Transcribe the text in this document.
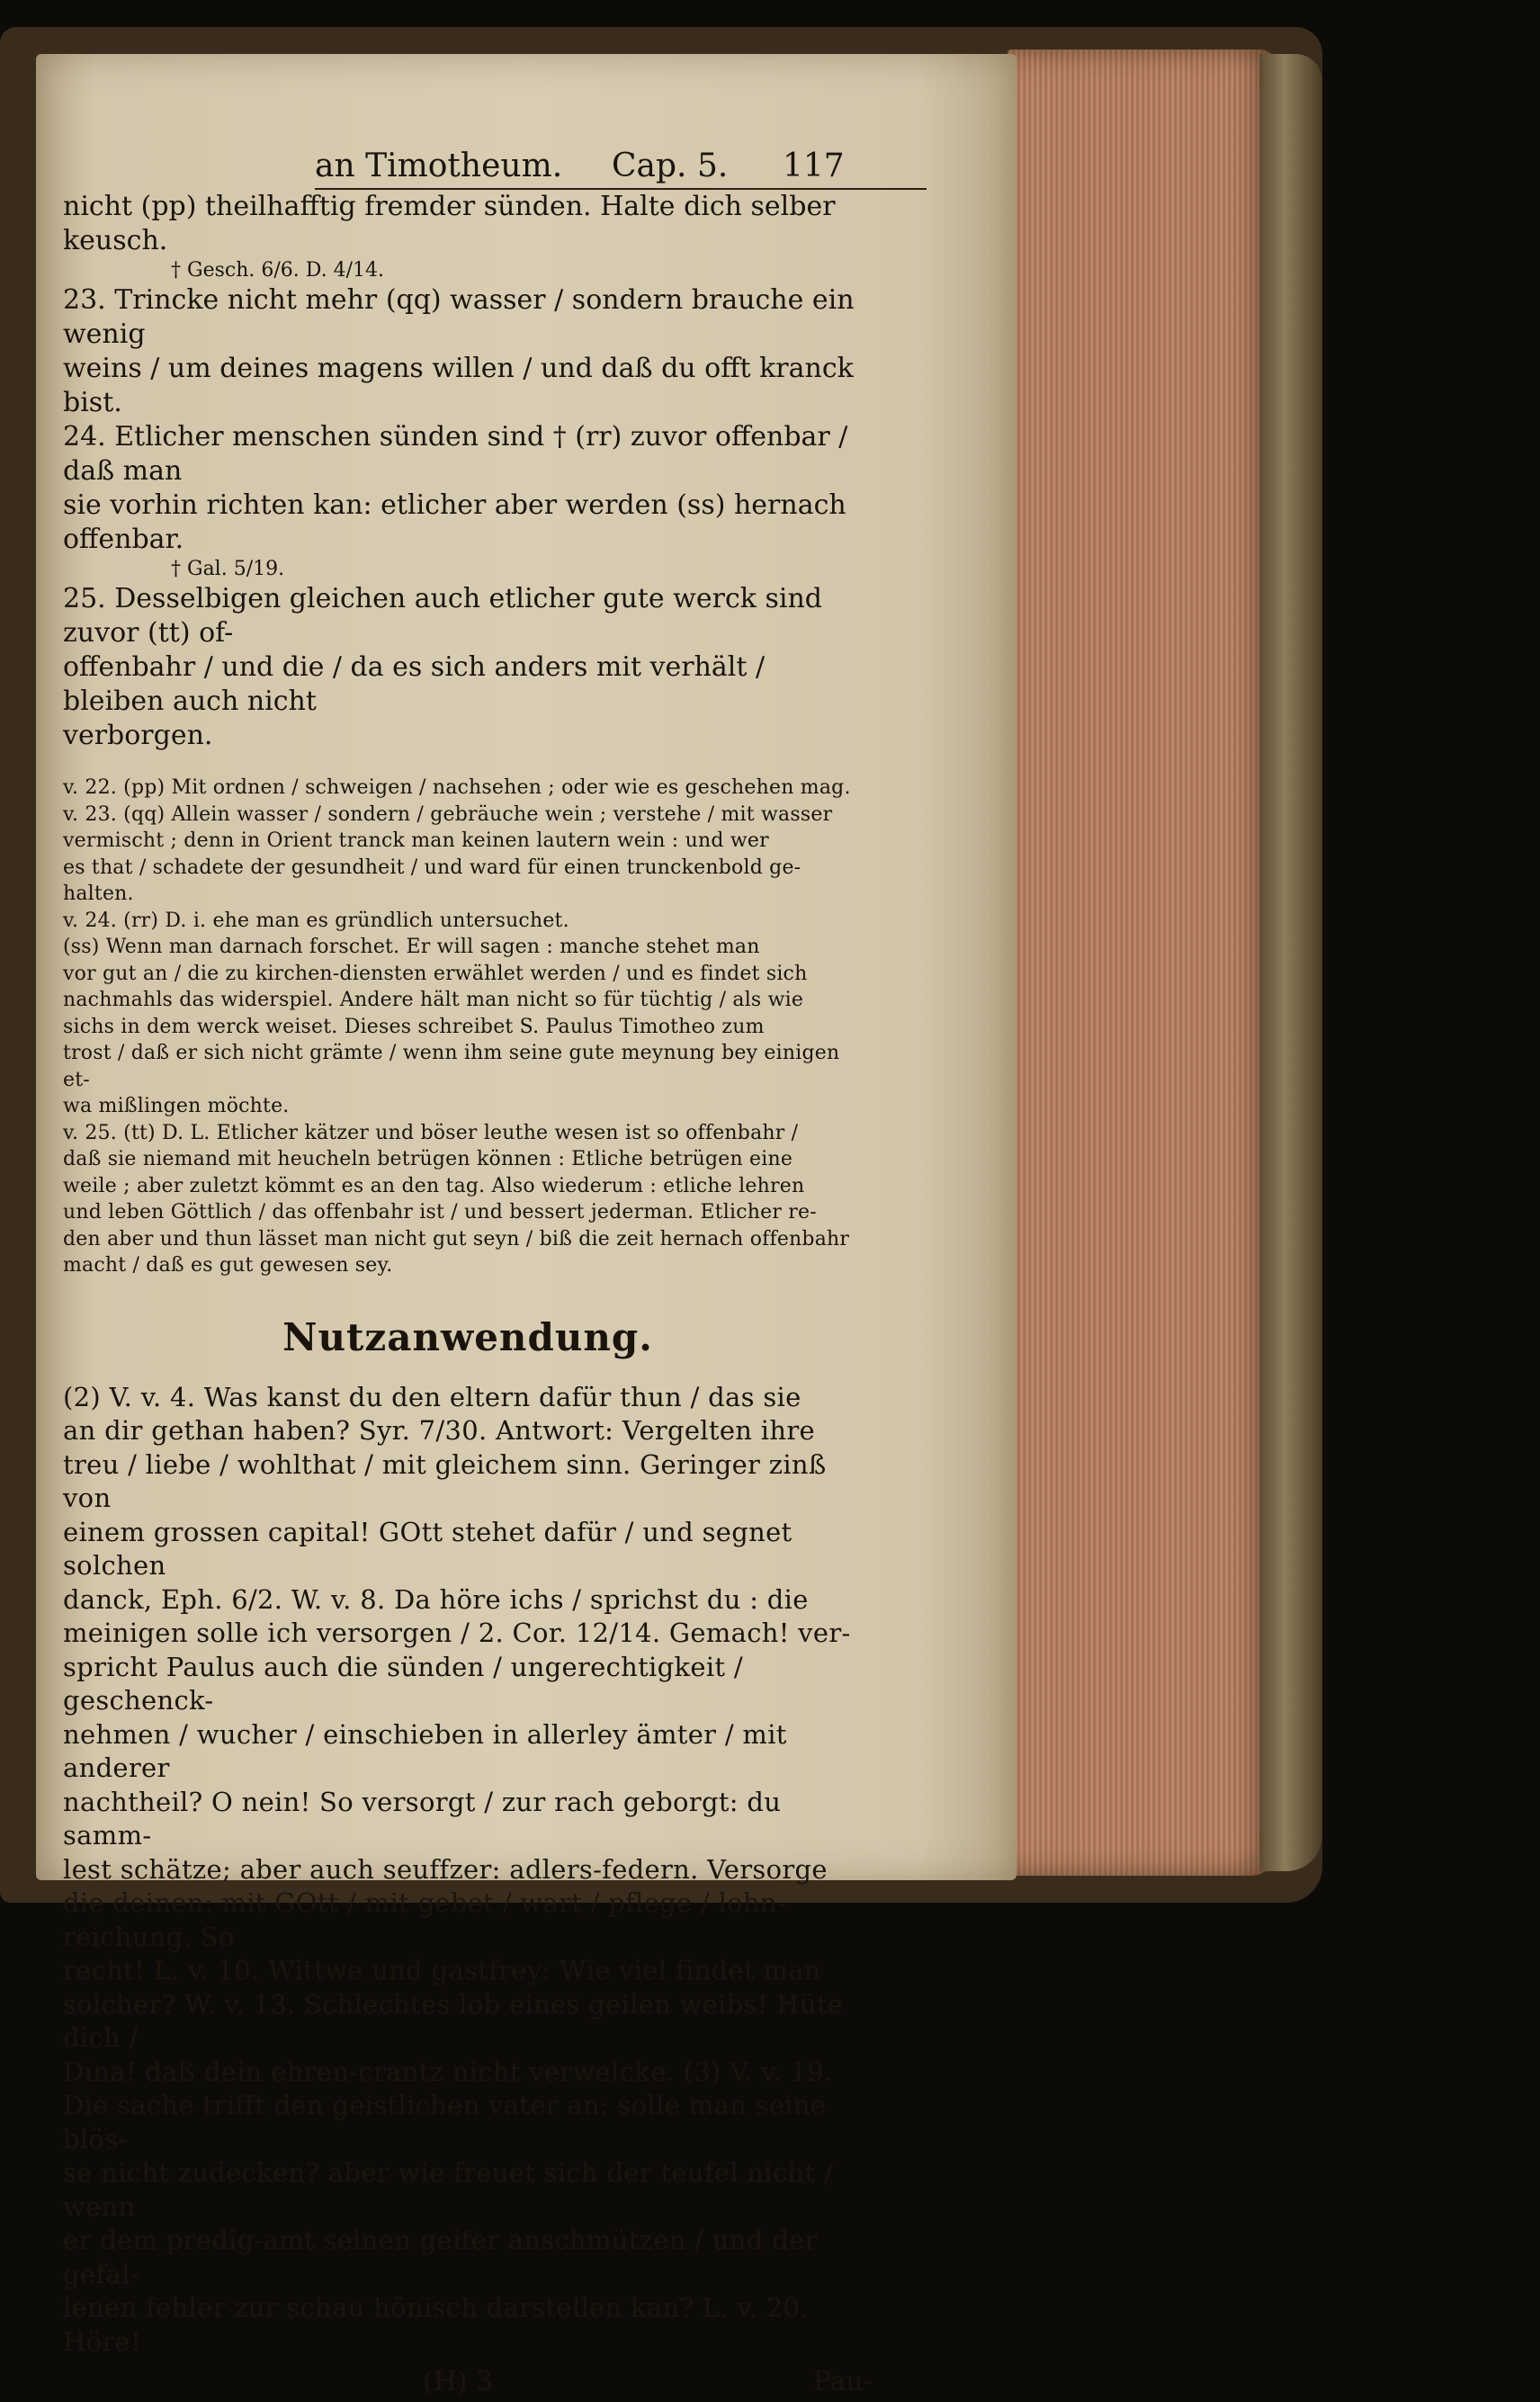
an Timotheum. Cap. 5. 117

nicht (pp) theilhafftig fremder sünden. Halte dich selber keusch.

† Gesch. 6/6. D. 4/14.

23. Trincke nicht mehr (qq) wasser / sondern brauche ein wenig

weins / um deines magens willen / und daß du offt kranck bist.

24. Etlicher menschen sünden sind † (rr) zuvor offenbar / daß man

sie vorhin richten kan: etlicher aber werden (ss) hernach offenbar.

† Gal. 5/19.

25. Desselbigen gleichen auch etlicher gute werck sind zuvor (tt) of-

offenbahr / und die / da es sich anders mit verhält / bleiben auch nicht

verborgen.

v. 22. (pp) Mit ordnen / schweigen / nachsehen ; oder wie es geschehen mag.

v. 23. (qq) Allein wasser / sondern / gebräuche wein ; verstehe / mit wasser

vermischt ; denn in Orient tranck man keinen lautern wein : und wer

es that / schadete der gesundheit / und ward für einen trunckenbold ge-

halten.

v. 24. (rr) D. i. ehe man es gründlich untersuchet.

(ss) Wenn man darnach forschet. Er will sagen : manche stehet man

vor gut an / die zu kirchen-diensten erwählet werden / und es findet sich

nachmahls das widerspiel. Andere hält man nicht so für tüchtig / als wie

sichs in dem werck weiset. Dieses schreibet S. Paulus Timotheo zum

trost / daß er sich nicht grämte / wenn ihm seine gute meynung bey einigen et-

wa mißlingen möchte.

v. 25. (tt) D. L. Etlicher kätzer und böser leuthe wesen ist so offenbahr /

daß sie niemand mit heucheln betrügen können : Etliche betrügen eine

weile ; aber zuletzt kömmt es an den tag. Also wiederum : etliche lehren

und leben Göttlich / das offenbahr ist / und bessert jederman. Etlicher re-

den aber und thun lässet man nicht gut seyn / biß die zeit hernach offenbahr

macht / daß es gut gewesen sey.

Nutzanwendung.

(2) V. v. 4. Was kanst du den eltern dafür thun / das sie

an dir gethan haben? Syr. 7/30. Antwort: Vergelten ihre

treu / liebe / wohlthat / mit gleichem sinn. Geringer zinß von

einem grossen capital! GOtt stehet dafür / und segnet solchen

danck, Eph. 6/2. W. v. 8. Da höre ichs / sprichst du : die

meinigen solle ich versorgen / 2. Cor. 12/14. Gemach! ver-

spricht Paulus auch die sünden / ungerechtigkeit / geschenck-

nehmen / wucher / einschieben in allerley ämter / mit anderer

nachtheil? O nein! So versorgt / zur rach geborgt: du samm-

lest schätze; aber auch seuffzer: adlers-federn. Versorge

die deinen: mit GOtt / mit gebet / wart / pflege / lohn-reichung. So

recht! L. v. 10. Wittwe und gastfrey: Wie viel findet man

solcher? W. v. 13. Schlechtes lob eines geilen weibs! Hüte dich /

Dina! daß dein ehren-crantz nicht verwelcke. (3) V. v. 19.

Die sache trifft den geistlichen vater an: solle man seine blös-

se nicht zudecken? aber wie freuet sich der teufel nicht / wenn

er dem predig-amt seinen geifer anschmützen / und der gefal-

lenen fehler zur schau hönisch darstellen kan? L. v. 20. Höre!

(H) 3	Pau-
